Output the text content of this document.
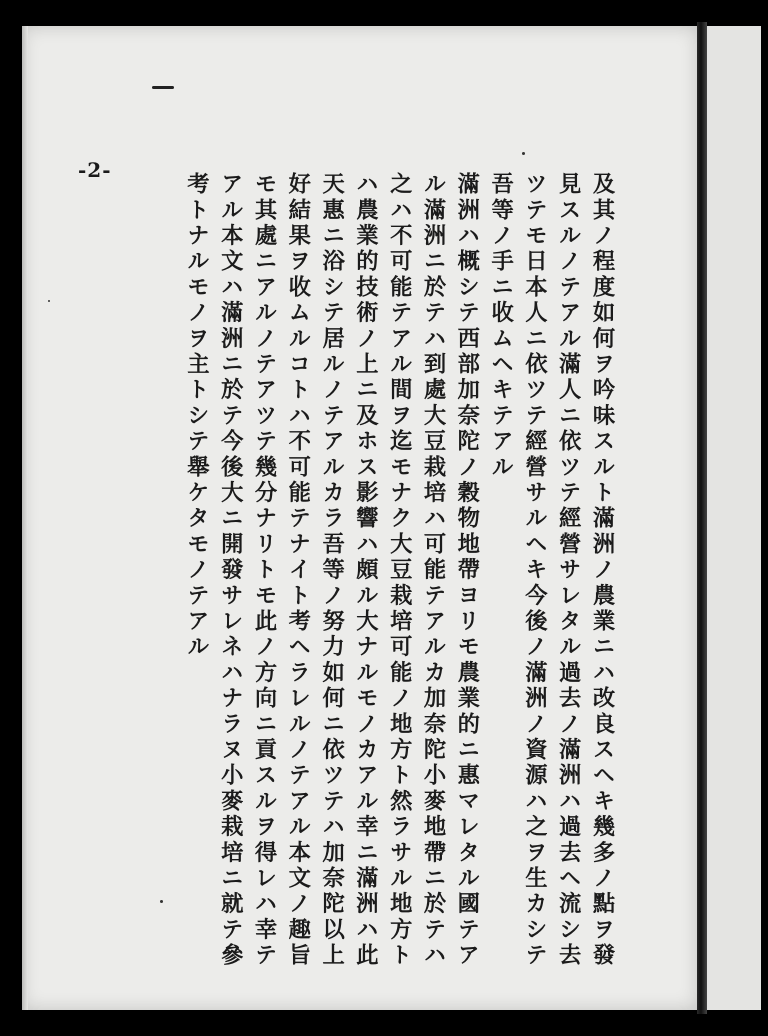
-2-
及其ノ程度如何ヲ吟味スルト滿洲ノ農業ニハ改良スヘキ幾多ノ點ヲ發
見スルノテアル滿人ニ依ツテ經營サレタル過去ノ滿洲ハ過去ヘ流シ去
ツテモ日本人ニ依ツテ經營サルヘキ今後ノ滿洲ノ資源ハ之ヲ生カシテ
吾等ノ手ニ收ムヘキテアル
滿洲ハ概シテ西部加奈陀ノ穀物地帶ヨリモ農業的ニ惠マレタル國テア
ル滿洲ニ於テハ到處大豆栽培ハ可能テアルカ加奈陀小麥地帶ニ於テハ
之ハ不可能テアル間ヲ迄モナク大豆栽培可能ノ地方ト然ラサル地方ト
ハ農業的技術ノ上ニ及ホス影響ハ頗ル大ナルモノカアル幸ニ滿洲ハ此
天惠ニ浴シテ居ルノテアルカラ吾等ノ努力如何ニ依ツテハ加奈陀以上
好結果ヲ收ムルコトハ不可能テナイト考ヘラレルノテアル本文ノ趣旨
モ其處ニアルノテアツテ幾分ナリトモ此ノ方向ニ貢スルヲ得レハ幸テ
アル本文ハ滿洲ニ於テ今後大ニ開發サレネハナラヌ小麥栽培ニ就テ參
考トナルモノヲ主トシテ舉ケタモノテアル
